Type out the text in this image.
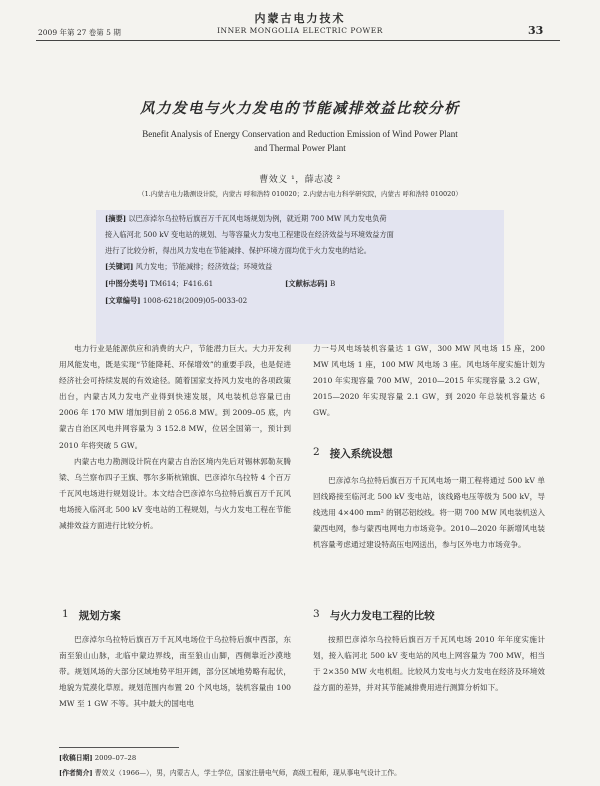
内蒙古电力技术
INNER MONGOLIA ELECTRIC POWER
2009 年第 27 卷第 5 期	33
风力发电与火力发电的节能减排效益比较分析
Benefit Analysis of Energy Conservation and Reduction Emission of Wind Power Plant
and Thermal Power Plant
曹效义 ¹，薛志凌 ²
（1.内蒙古电力勘测设计院，内蒙古 呼和浩特 010020；2.内蒙古电力科学研究院，内蒙古 呼和浩特 010020）
[摘要] 以巴彦淖尔乌拉特后旗百万千瓦风电场规划为例，就近期 700 MW 风力发电负荷
接入临河北 500 kV 变电站的规划、与等容量火力发电工程建设在经济效益与环境效益方面
进行了比较分析，得出风力发电在节能减排、保护环境方面均优于火力发电的结论。
[关键词] 风力发电；节能减排；经济效益；环境效益
[中图分类号] TM614；F416.61	[文献标志码] B
[文章编号] 1008-6218(2009)05-0033-02

电力行业是能源供应和消费的大户，节能潜力巨大。大力开发利用风能发电，既是实现“节能降耗、环保增效”的重要手段，也是促进经济社会可持续发展的有效途径。随着国家支持风力发电的各项政策出台，内蒙古风力发电产业得到快速发展，风电装机总容量已由 2006 年 170 MW 增加到目前 2 056.8 MW。到 2009–05 底，内蒙古自治区风电并网容量为 3 152.8 MW，位居全国第一，预计到 2010 年将突破 5 GW。

内蒙古电力勘测设计院在内蒙古自治区境内先后对锡林郭勒灰腾梁、乌兰察布四子王旗、鄂尔多斯杭锦旗、巴彦淖尔乌拉特 4 个百万千瓦风电场进行规划设计。本文结合巴彦淖尔乌拉特后旗百万千瓦风电场接入临河北 500 kV 变电站的工程规划，与火力发电工程在节能减排效益方面进行比较分析。

1 规划方案

巴彦淖尔乌拉特后旗百万千瓦风电场位于乌拉特后旗中西部，东南至狼山山脉，北临中蒙边界线，南至狼山山脚，西侧靠近沙漠地带。规划风场的大部分区域地势平坦开阔，部分区域地势略有起伏，地貌为荒漠化草原。规划范围内布置 20 个风电场，装机容量由 100 MW 至 1 GW 不等。其中最大的国电电

力一号风电场装机容量达 1 GW，300 MW 风电场 15 座，200 MW 风电场 1 座，100 MW 风电场 3 座。风电场年度实施计划为 2010 年实现容量 700 MW，2010—2015 年实现容量 3.2 GW，2015—2020 年实现容量 2.1 GW，到 2020 年总装机容量达 6 GW。

2 接入系统设想

巴彦淖尔乌拉特后旗百万千瓦风电场一期工程将通过 500 kV 单回线路接至临河北 500 kV 变电站，该线路电压等级为 500 kV，导线选用 4×400 mm² 的钢芯铝绞线。将一期 700 MW 风电装机送入蒙西电网，参与蒙西电网电力市场竞争。2010—2020 年新增风电装机容量考虑通过建设特高压电网送出，参与区外电力市场竞争。

3 与火力发电工程的比较

按照巴彦淖尔乌拉特后旗百万千瓦风电场 2010 年年度实施计划，接入临河北 500 kV 变电站的风电上网容量为 700 MW，相当于 2×350 MW 火电机组。比较风力发电与火力发电在经济及环境效益方面的差异，并对其节能减排费用进行测算分析如下。

[收稿日期] 2009–07–28
[作者简介] 曹效义（1966—），男，内蒙古人，学士学位，国家注册电气师，高级工程师，现从事电气设计工作。
